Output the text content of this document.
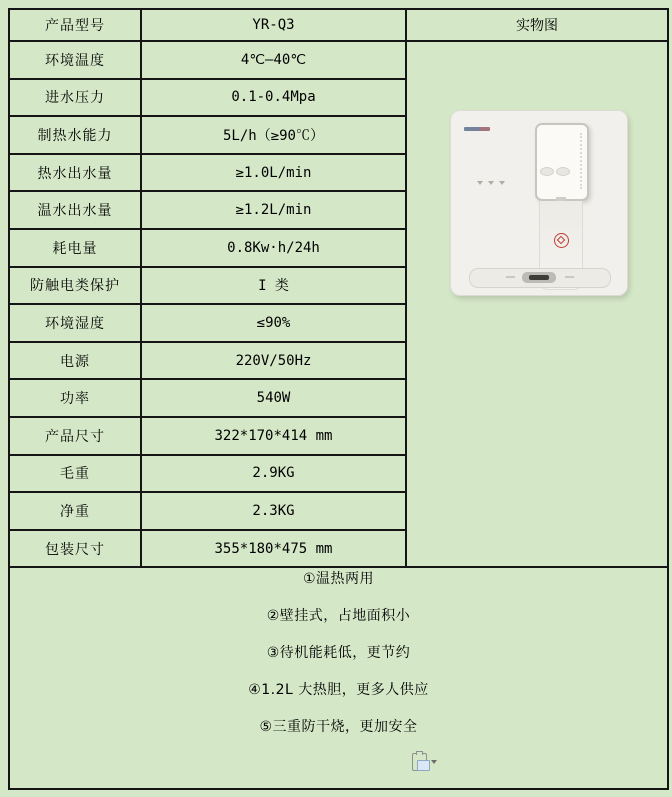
产品型号	YR-Q3	实物图
环境温度	4℃—40℃	

进水压力	0.1-0.4Mpa	
制热水能力	5L/h（≥90℃）	
热水出水量	≥1.0L/min	
温水出水量	≥1.2L/min	
耗电量	0.8Kw·h/24h	
防触电类保护	I 类	
环境湿度	≤90%	
电源	220V/50Hz	
功率	540W	
产品尺寸	322*170*414 mm	
毛重	2.9KG	
净重	2.3KG	
包装尺寸	355*180*475 mm	

①温热两用
②壁挂式，占地面积小
③待机能耗低，更节约
④1.2L 大热胆，更多人供应
⑤三重防干烧，更加安全		
